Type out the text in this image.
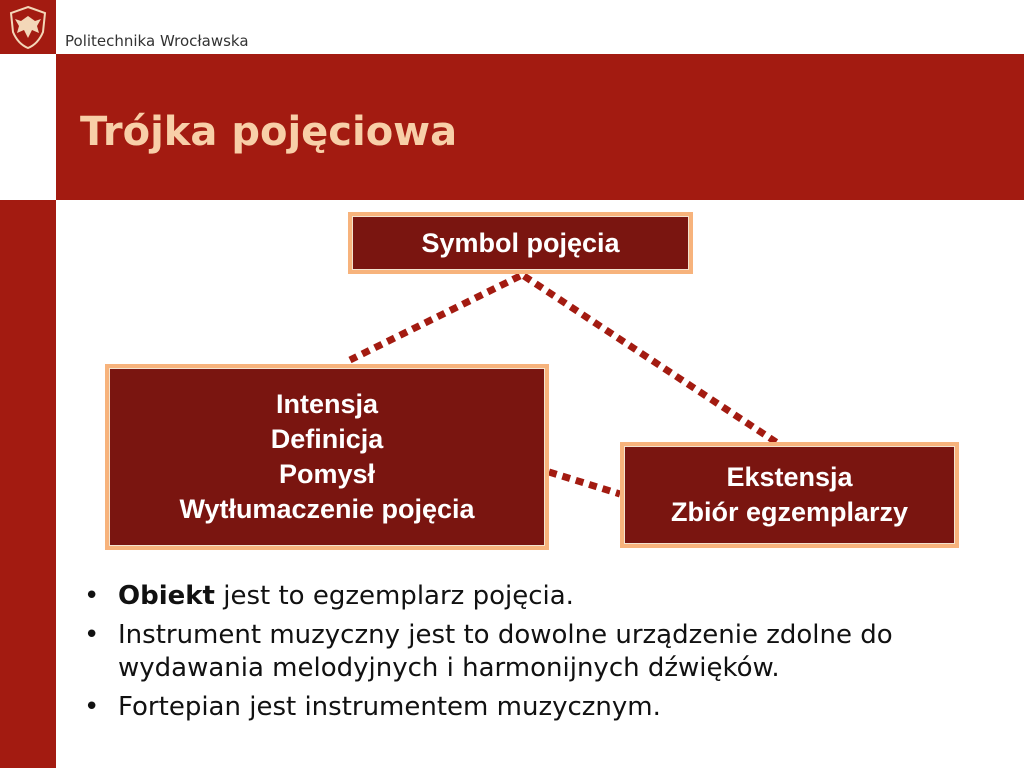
Politechnika Wrocławska
Trójka pojęciowa
Symbol pojęcia
Intensja
Definicja
Pomysł
Wytłumaczenie pojęcia
Ekstensja
Zbiór egzemplarzy
• Obiekt jest to egzemplarz pojęcia.
• Instrument muzyczny jest to dowolne urządzenie zdolne do wydawania melodyjnych i harmonijnych dźwięków.
• Fortepian jest instrumentem muzycznym.
